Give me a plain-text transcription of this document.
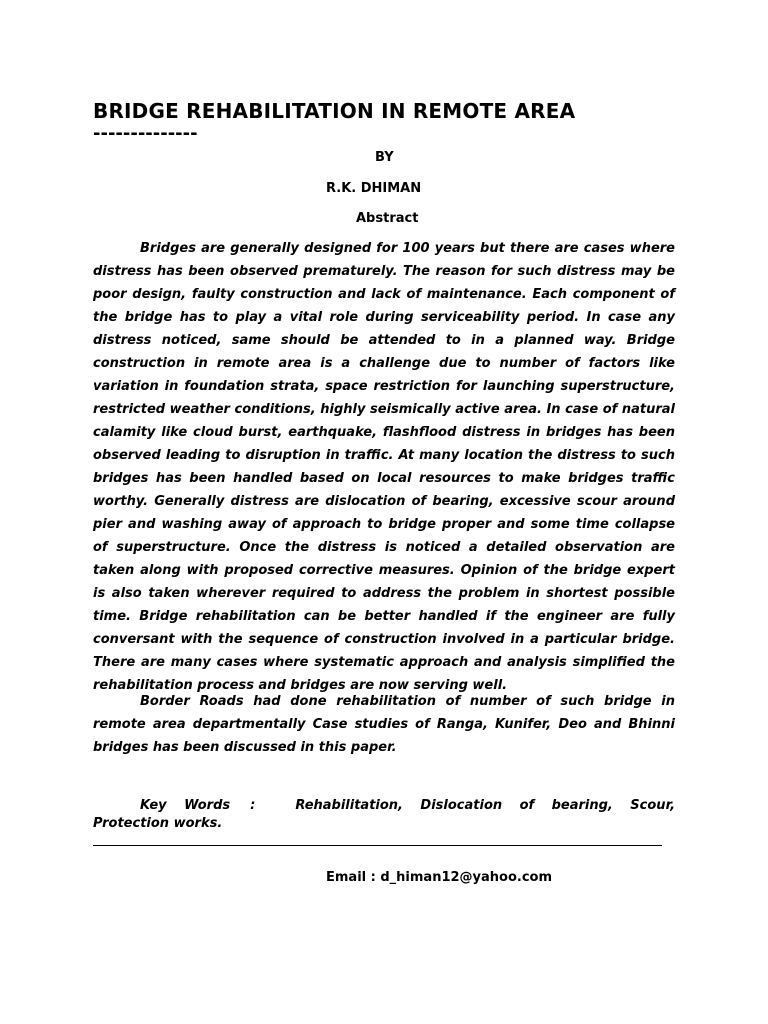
BRIDGE REHABILITATION IN REMOTE AREA
--------------
BY
R.K. DHIMAN
Abstract

Bridges are generally designed for 100 years but there are cases where distress has been observed prematurely. The reason for such distress may be poor design, faulty construction and lack of maintenance. Each component of the bridge has to play a vital role during serviceability period. In case any distress noticed, same should be attended to in a planned way. Bridge construction in remote area is a challenge due to number of factors like variation in foundation strata, space restriction for launching superstructure, restricted weather conditions, highly seismically active area. In case of natural calamity like cloud burst, earthquake, flashflood distress in bridges has been observed leading to disruption in traffic. At many location the distress to such bridges has been handled based on local resources to make bridges traffic worthy. Generally distress are dislocation of bearing, excessive scour around pier and washing away of approach to bridge proper and some time collapse of superstructure. Once the distress is noticed a detailed observation are taken along with proposed corrective measures. Opinion of the bridge expert is also taken wherever required to address the problem in shortest possible time. Bridge rehabilitation can be better handled if the engineer are fully conversant with the sequence of construction involved in a particular bridge. There are many cases where systematic approach and analysis simplified the rehabilitation process and bridges are now serving well.

Border Roads had done rehabilitation of number of such bridge in remote area departmentally Case studies of Ranga, Kunifer, Deo and Bhinni bridges has been discussed in this paper.

Key Words :	Rehabilitation, Dislocation of bearing, Scour, Protection works.

Email : d_himan12@yahoo.com
